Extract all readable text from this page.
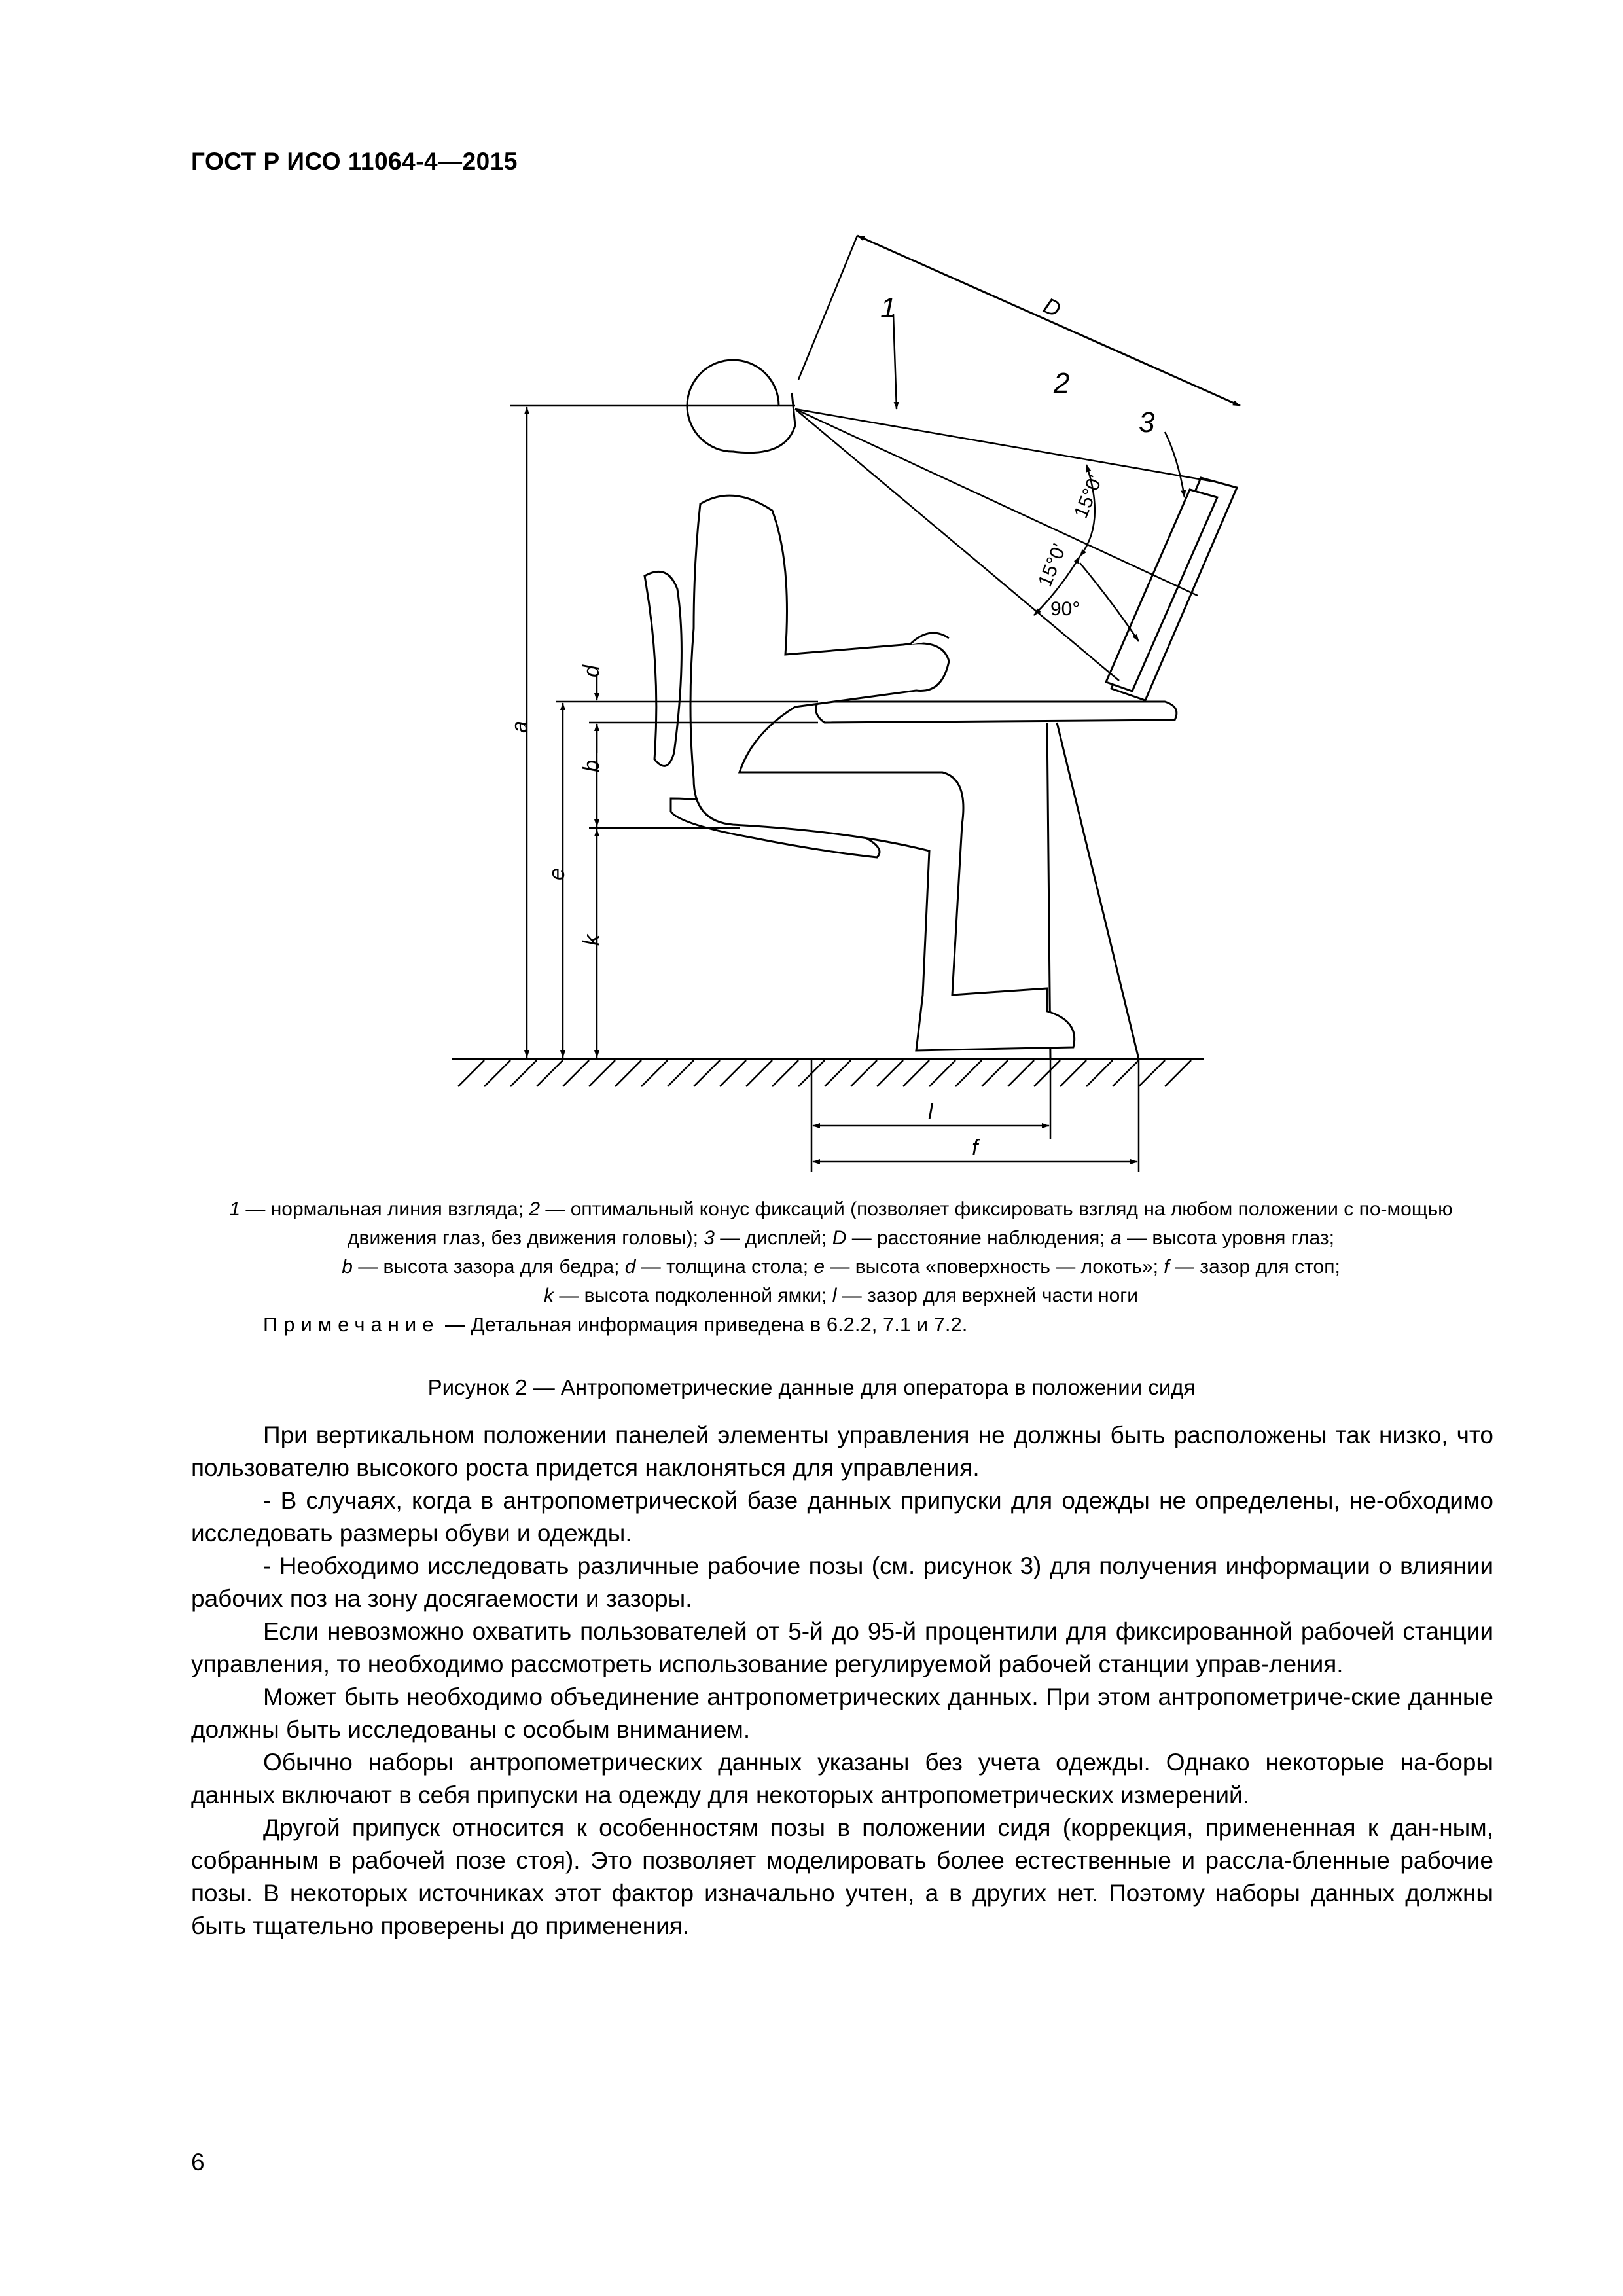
ГОСТ Р ИСО 11064-4—2015
1
2
3
D
a
d
b
e
k
l
f
15°0'
15°0'
90°
1 — нормальная линия взгляда; 2 — оптимальный конус фиксаций (позволяет фиксировать взгляд на любом положении с по-мощью движения глаз, без движения головы); 3 — дисплей; D — расстояние наблюдения; a — высота уровня глаз;
b — высота зазора для бедра; d — толщина стола; e — высота «поверхность — локоть»; f — зазор для стоп;
k — высота подколенной ямки; l — зазор для верхней части ноги
Примечание — Детальная информация приведена в 6.2.2, 7.1 и 7.2.
Рисунок 2 — Антропометрические данные для оператора в положении сидя

При вертикальном положении панелей элементы управления не должны быть расположены так низко, что пользователю высокого роста придется наклоняться для управления.

- В случаях, когда в антропометрической базе данных припуски для одежды не определены, не-обходимо исследовать размеры обуви и одежды.

- Необходимо исследовать различные рабочие позы (см. рисунок 3) для получения информации о влиянии рабочих поз на зону досягаемости и зазоры.

Если невозможно охватить пользователей от 5-й до 95-й процентили для фиксированной рабочей станции управления, то необходимо рассмотреть использование регулируемой рабочей станции управ-ления.

Может быть необходимо объединение антропометрических данных. При этом антропометриче-ские данные должны быть исследованы с особым вниманием.

Обычно наборы антропометрических данных указаны без учета одежды. Однако некоторые на-боры данных включают в себя припуски на одежду для некоторых антропометрических измерений.

Другой припуск относится к особенностям позы в положении сидя (коррекция, примененная к дан-ным, собранным в рабочей позе стоя). Это позволяет моделировать более естественные и рассла-бленные рабочие позы. В некоторых источниках этот фактор изначально учтен, а в других нет. Поэтому наборы данных должны быть тщательно проверены до применения.

6
